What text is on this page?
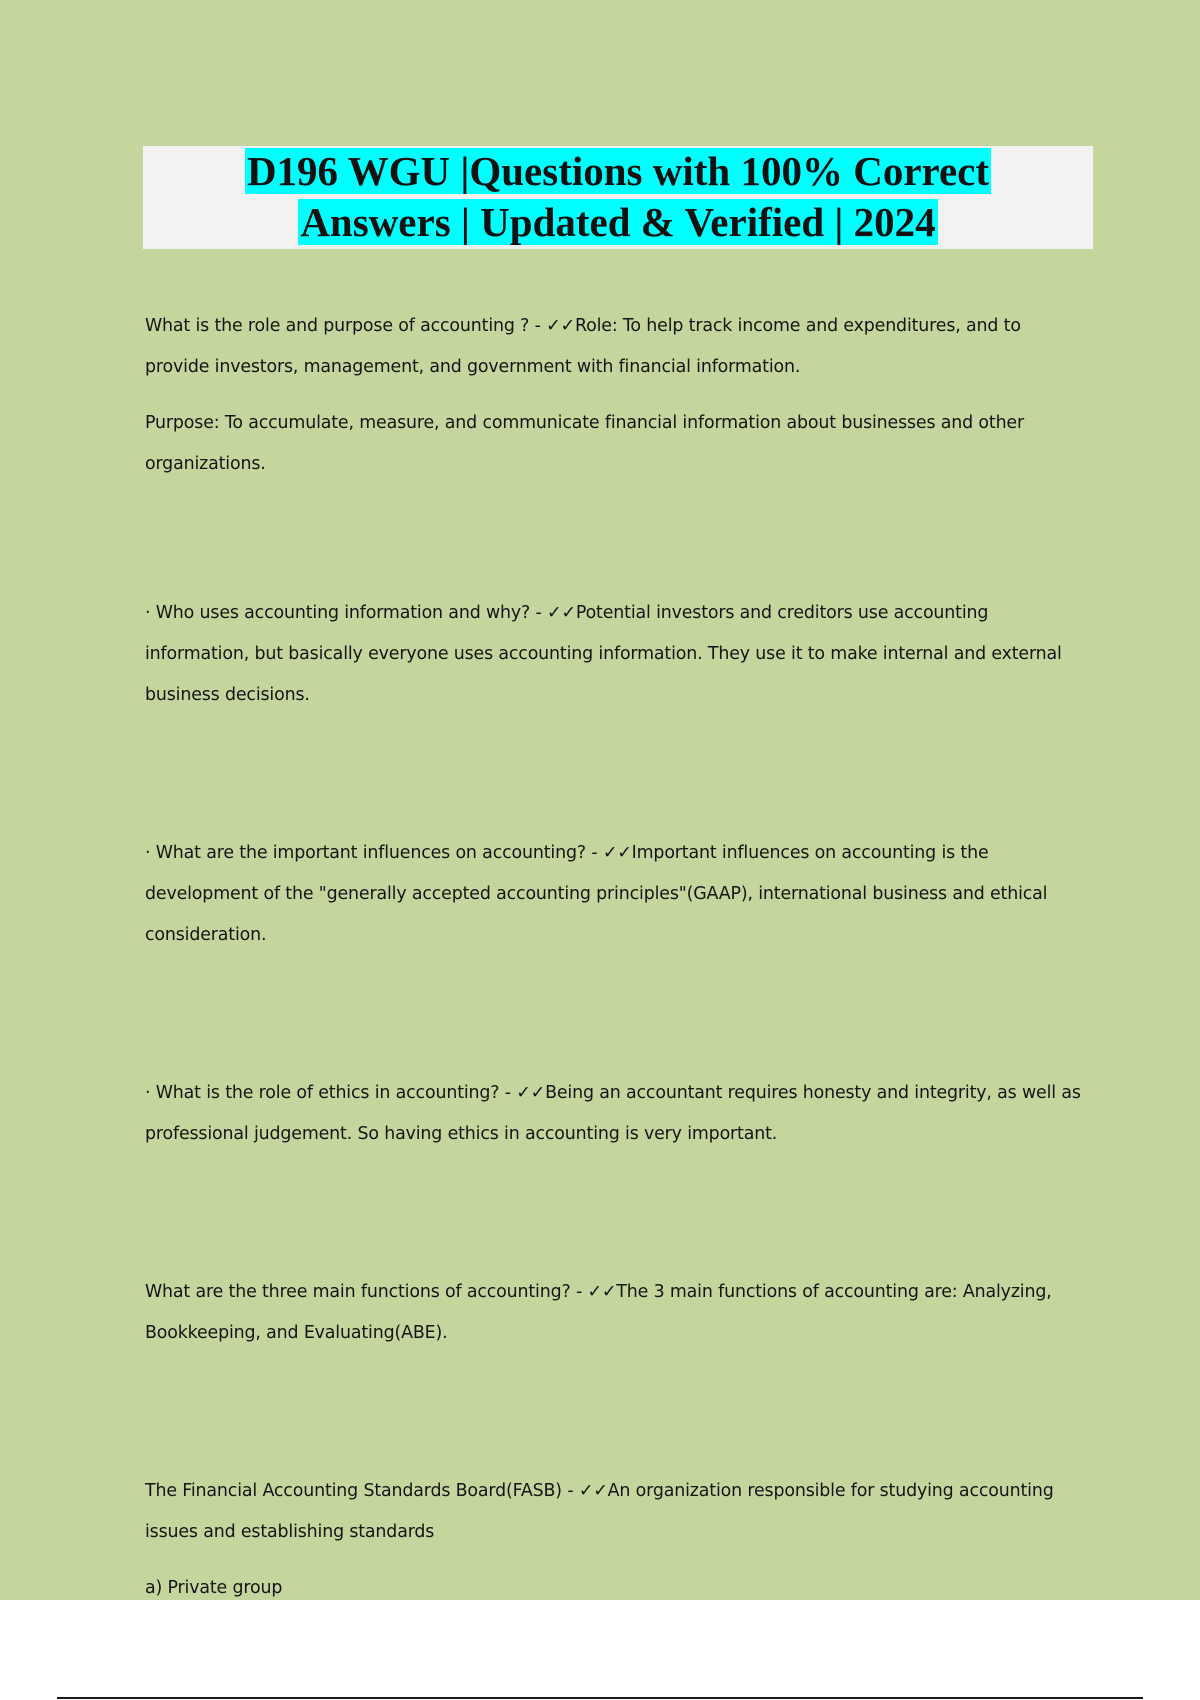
D196 WGU |Questions with 100% Correct
Answers | Updated & Verified | 2024

What is the role and purpose of accounting ? - ✓✓Role: To help track income and expenditures, and to provide investors, management, and government with financial information.

Purpose: To accumulate, measure, and communicate financial information about businesses and other organizations.

· Who uses accounting information and why? - ✓✓Potential investors and creditors use accounting information, but basically everyone uses accounting information. They use it to make internal and external business decisions.

· What are the important influences on accounting? - ✓✓Important influences on accounting is the development of the "generally accepted accounting principles"(GAAP), international business and ethical consideration.

· What is the role of ethics in accounting? - ✓✓Being an accountant requires honesty and integrity, as well as professional judgement. So having ethics in accounting is very important.

What are the three main functions of accounting? - ✓✓The 3 main functions of accounting are: Analyzing, Bookkeeping, and Evaluating(ABE).

The Financial Accounting Standards Board(FASB) - ✓✓An organization responsible for studying accounting issues and establishing standards

a) Private group
